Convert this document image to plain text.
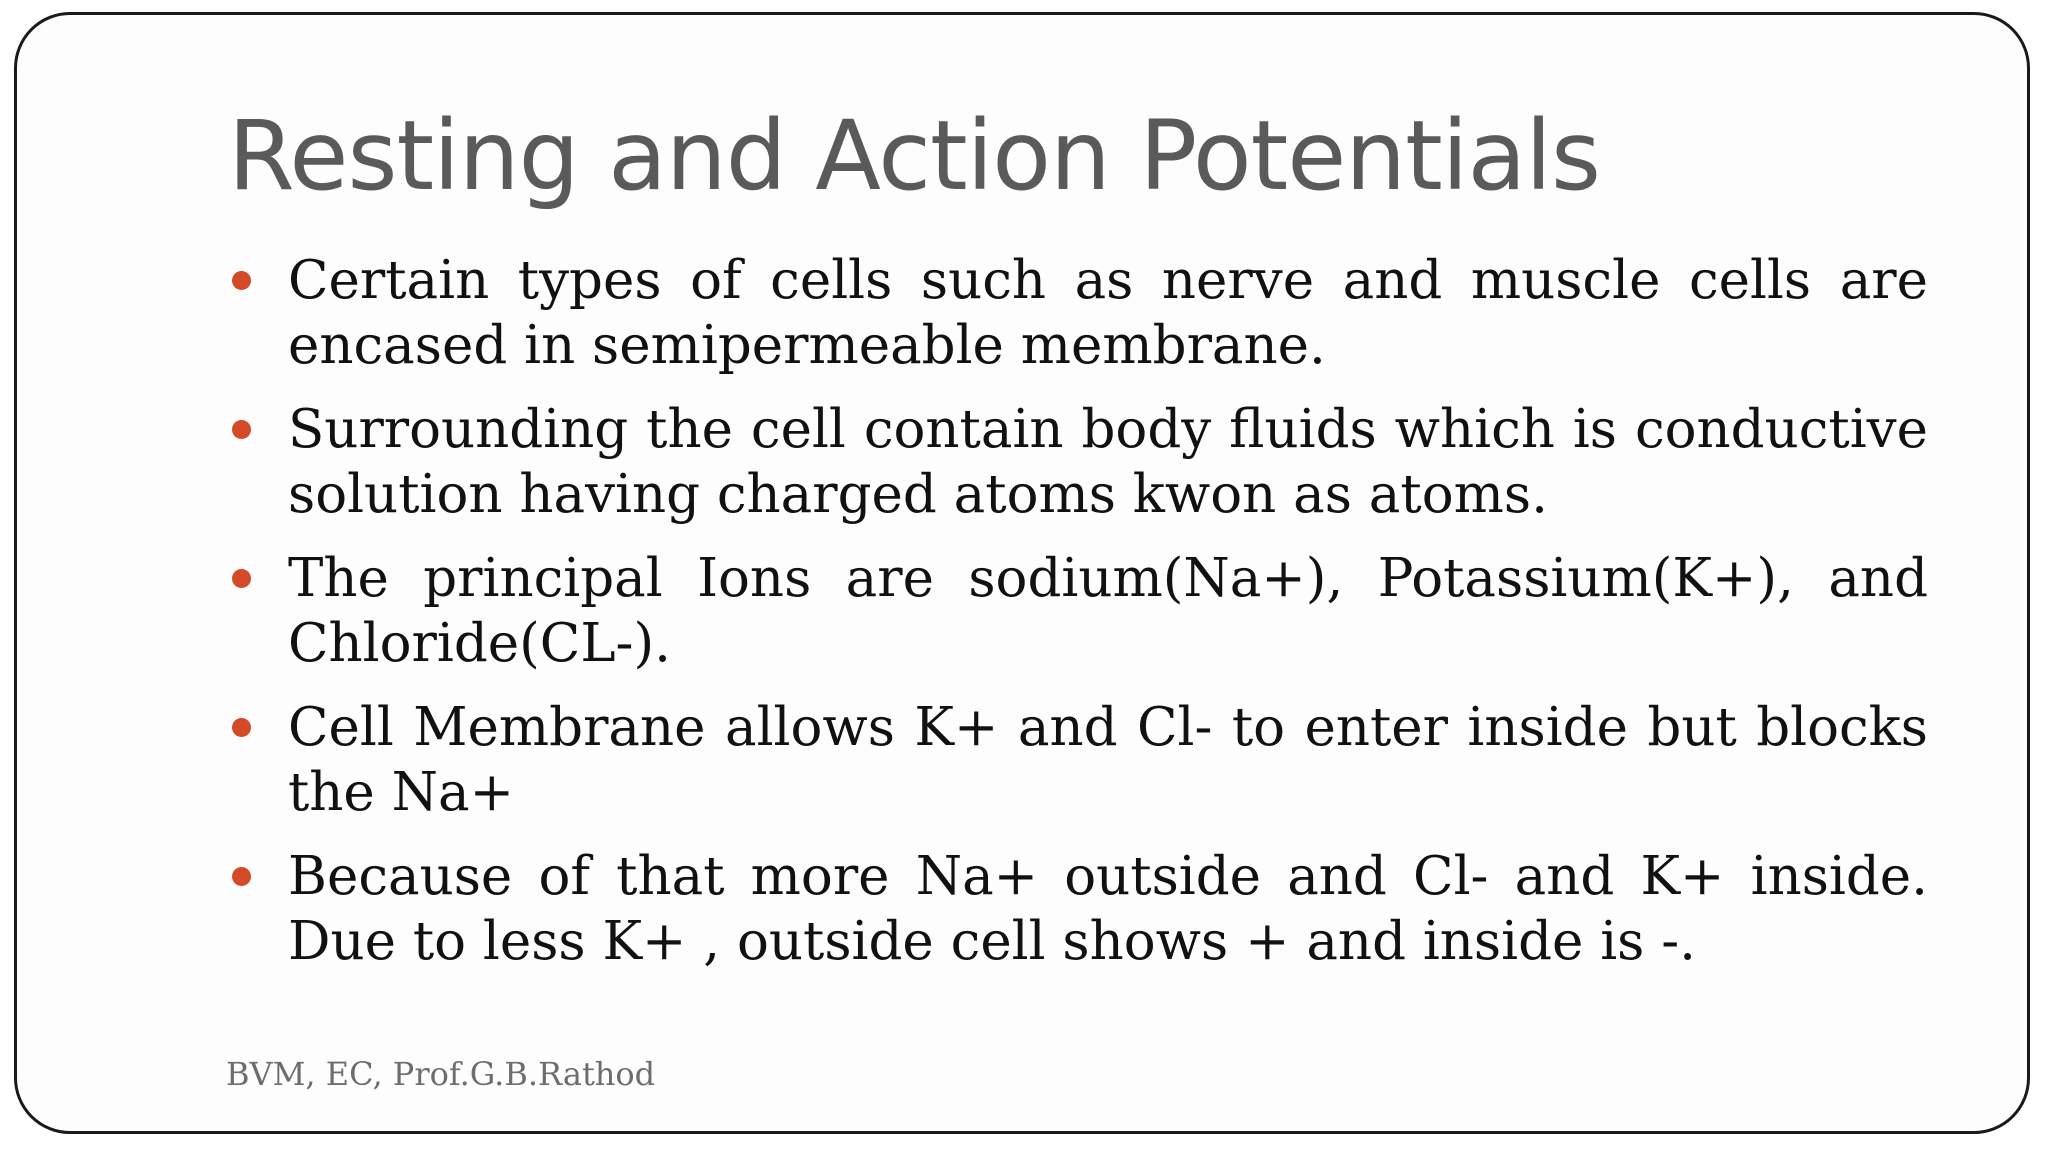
Resting and Action Potentials
Certain types of cells such as nerve and muscle cells are encased in semipermeable membrane.
Surrounding the cell contain body fluids which is conductive solution having charged atoms kwon as atoms.
The principal Ions are sodium(Na+), Potassium(K+), and Chloride(CL-).
Cell Membrane allows K+ and Cl- to enter inside but blocks the Na+
Because of that more Na+ outside and Cl- and K+ inside. Due to less K+ , outside cell shows + and inside is -.

BVM, EC, Prof.G.B.Rathod
